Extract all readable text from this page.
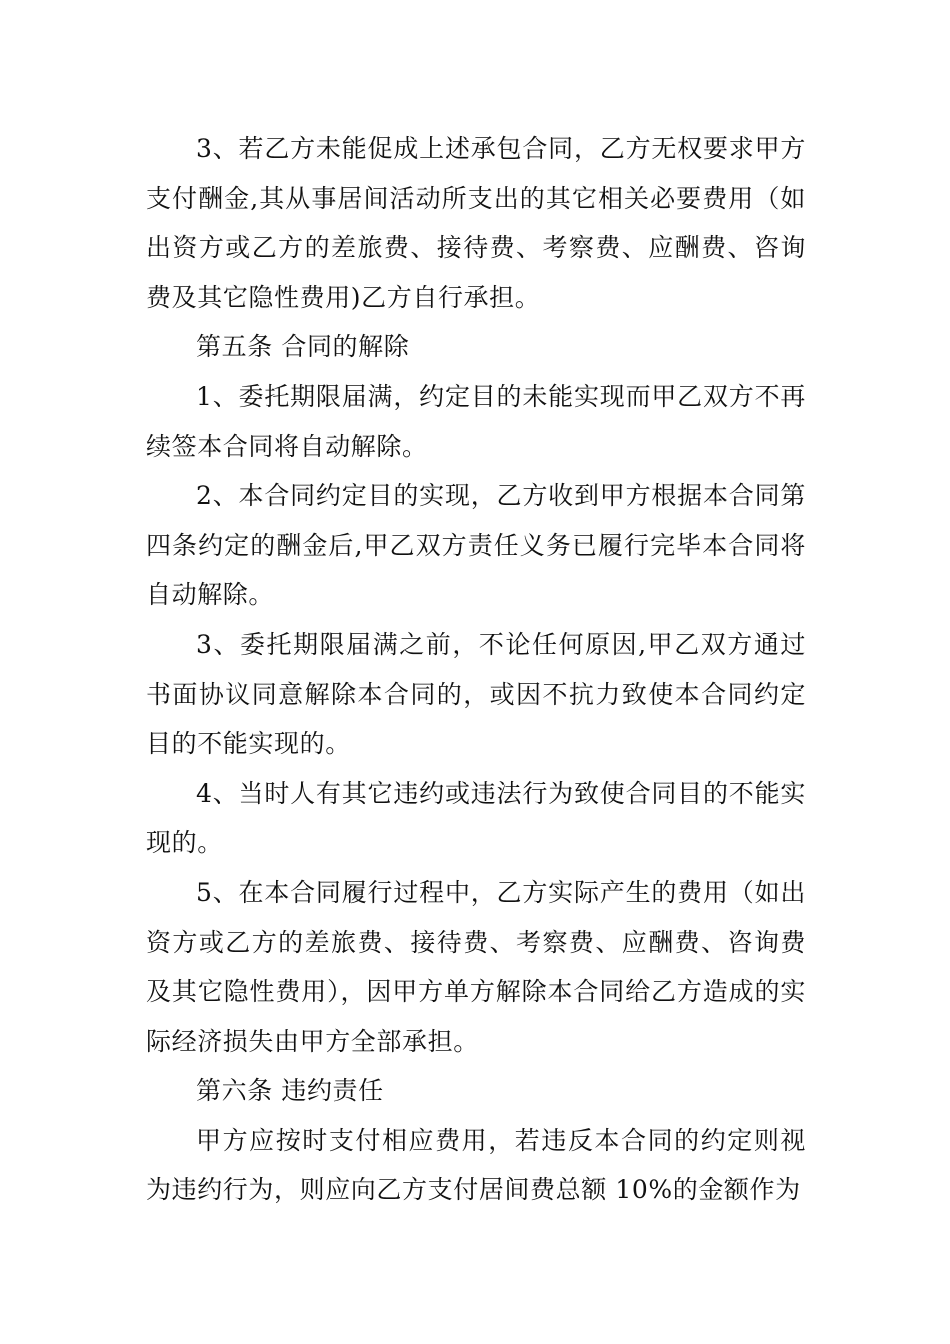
3、若乙方未能促成上述承包合同，乙方无权要求甲方支付酬金,其从事居间活动所支出的其它相关必要费用（如出资方或乙方的差旅费、接待费、考察费、应酬费、咨询费及其它隐性费用)乙方自行承担。

第五条 合同的解除

1、委托期限届满，约定目的未能实现而甲乙双方不再续签本合同将自动解除。

2、本合同约定目的实现，乙方收到甲方根据本合同第四条约定的酬金后,甲乙双方责任义务已履行完毕本合同将自动解除。

3、委托期限届满之前，不论任何原因,甲乙双方通过书面协议同意解除本合同的，或因不抗力致使本合同约定目的不能实现的。

4、当时人有其它违约或违法行为致使合同目的不能实现的。

5、在本合同履行过程中，乙方实际产生的费用（如出资方或乙方的差旅费、接待费、考察费、应酬费、咨询费及其它隐性费用），因甲方单方解除本合同给乙方造成的实际经济损失由甲方全部承担。

第六条 违约责任

甲方应按时支付相应费用，若违反本合同的约定则视为违约行为，则应向乙方支付居间费总额 10%的金额作为
